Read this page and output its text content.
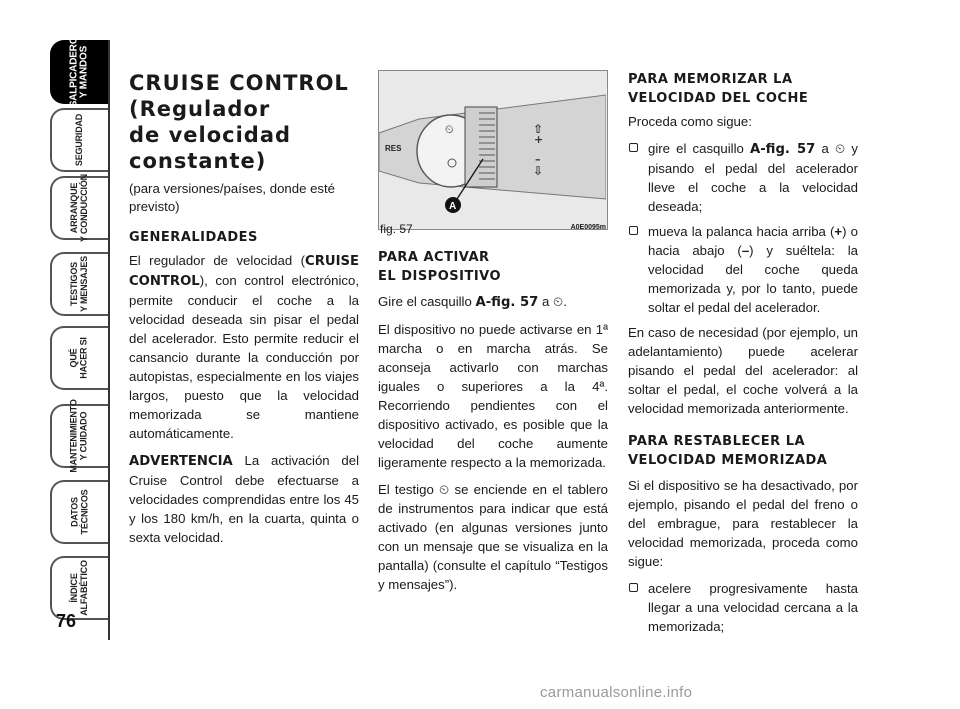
SALPICADERO
Y MANDOS
SEGURIDAD
ARRANQUE
Y CONDUCCIÓN
TESTIGOS
Y MENSAJES
QUÉ
HACER SI
MANTENIMIENTO
Y CUIDADO
DATOS
TÉCNICOS
ÍNDICE
ALFABÉTICO
76
CRUISE CONTROL
(Regulador
de velocidad
constante)
(para versiones/países, donde esté previsto)
GENERALIDADES

El regulador de velocidad (CRUISE CONTROL), con control electrónico, permite conducir el coche a la velocidad deseada sin pisar el pedal del acelerador. Esto permite reducir el cansancio durante la conducción por autopistas, especialmente en los viajes largos, puesto que la velocidad memorizada se mantiene automáticamente.

ADVERTENCIA La activación del Cruise Control debe efectuarse a velocidades comprendidas entre los 45 y los 180 km/h, en la cuarta, quinta o sexta velocidad.

⏲	⇧
+
–
⇩
RES
A
fig. 57	A0E0095m
PARA ACTIVAR
EL DISPOSITIVO

Gire el casquillo A-fig. 57 a ⏲.

El dispositivo no puede activarse en 1ª marcha o en marcha atrás. Se aconseja activarlo con marchas iguales o superiores a la 4ª. Recorriendo pendientes con el dispositivo activado, es posible que la velocidad del coche aumente ligeramente respecto a la memorizada.

El testigo ⏲ se enciende en el tablero de instrumentos para indicar que está activado (en algunas versiones junto con un mensaje que se visualiza en la pantalla) (consulte el capítulo “Testigos y mensajes”).

PARA MEMORIZAR LA
VELOCIDAD DEL COCHE

Proceda como sigue:

gire el casquillo A-fig. 57 a ⏲ y pisando el pedal del acelerador lleve el coche a la velocidad deseada;
mueva la palanca hacia arriba (+) o hacia abajo (–) y suéltela: la velocidad del coche queda memorizada y, por lo tanto, puede soltar el pedal del acelerador.

En caso de necesidad (por ejemplo, un adelantamiento) puede acelerar pisando el pedal del acelerador: al soltar el pedal, el coche volverá a la velocidad memorizada anteriormente.

PARA RESTABLECER LA
VELOCIDAD MEMORIZADA

Si el dispositivo se ha desactivado, por ejemplo, pisando el pedal del freno o del embrague, para restablecer la velocidad memorizada, proceda como sigue:

acelere progresivamente hasta llegar a una velocidad cercana a la memorizada;
carmanualsonline.info
